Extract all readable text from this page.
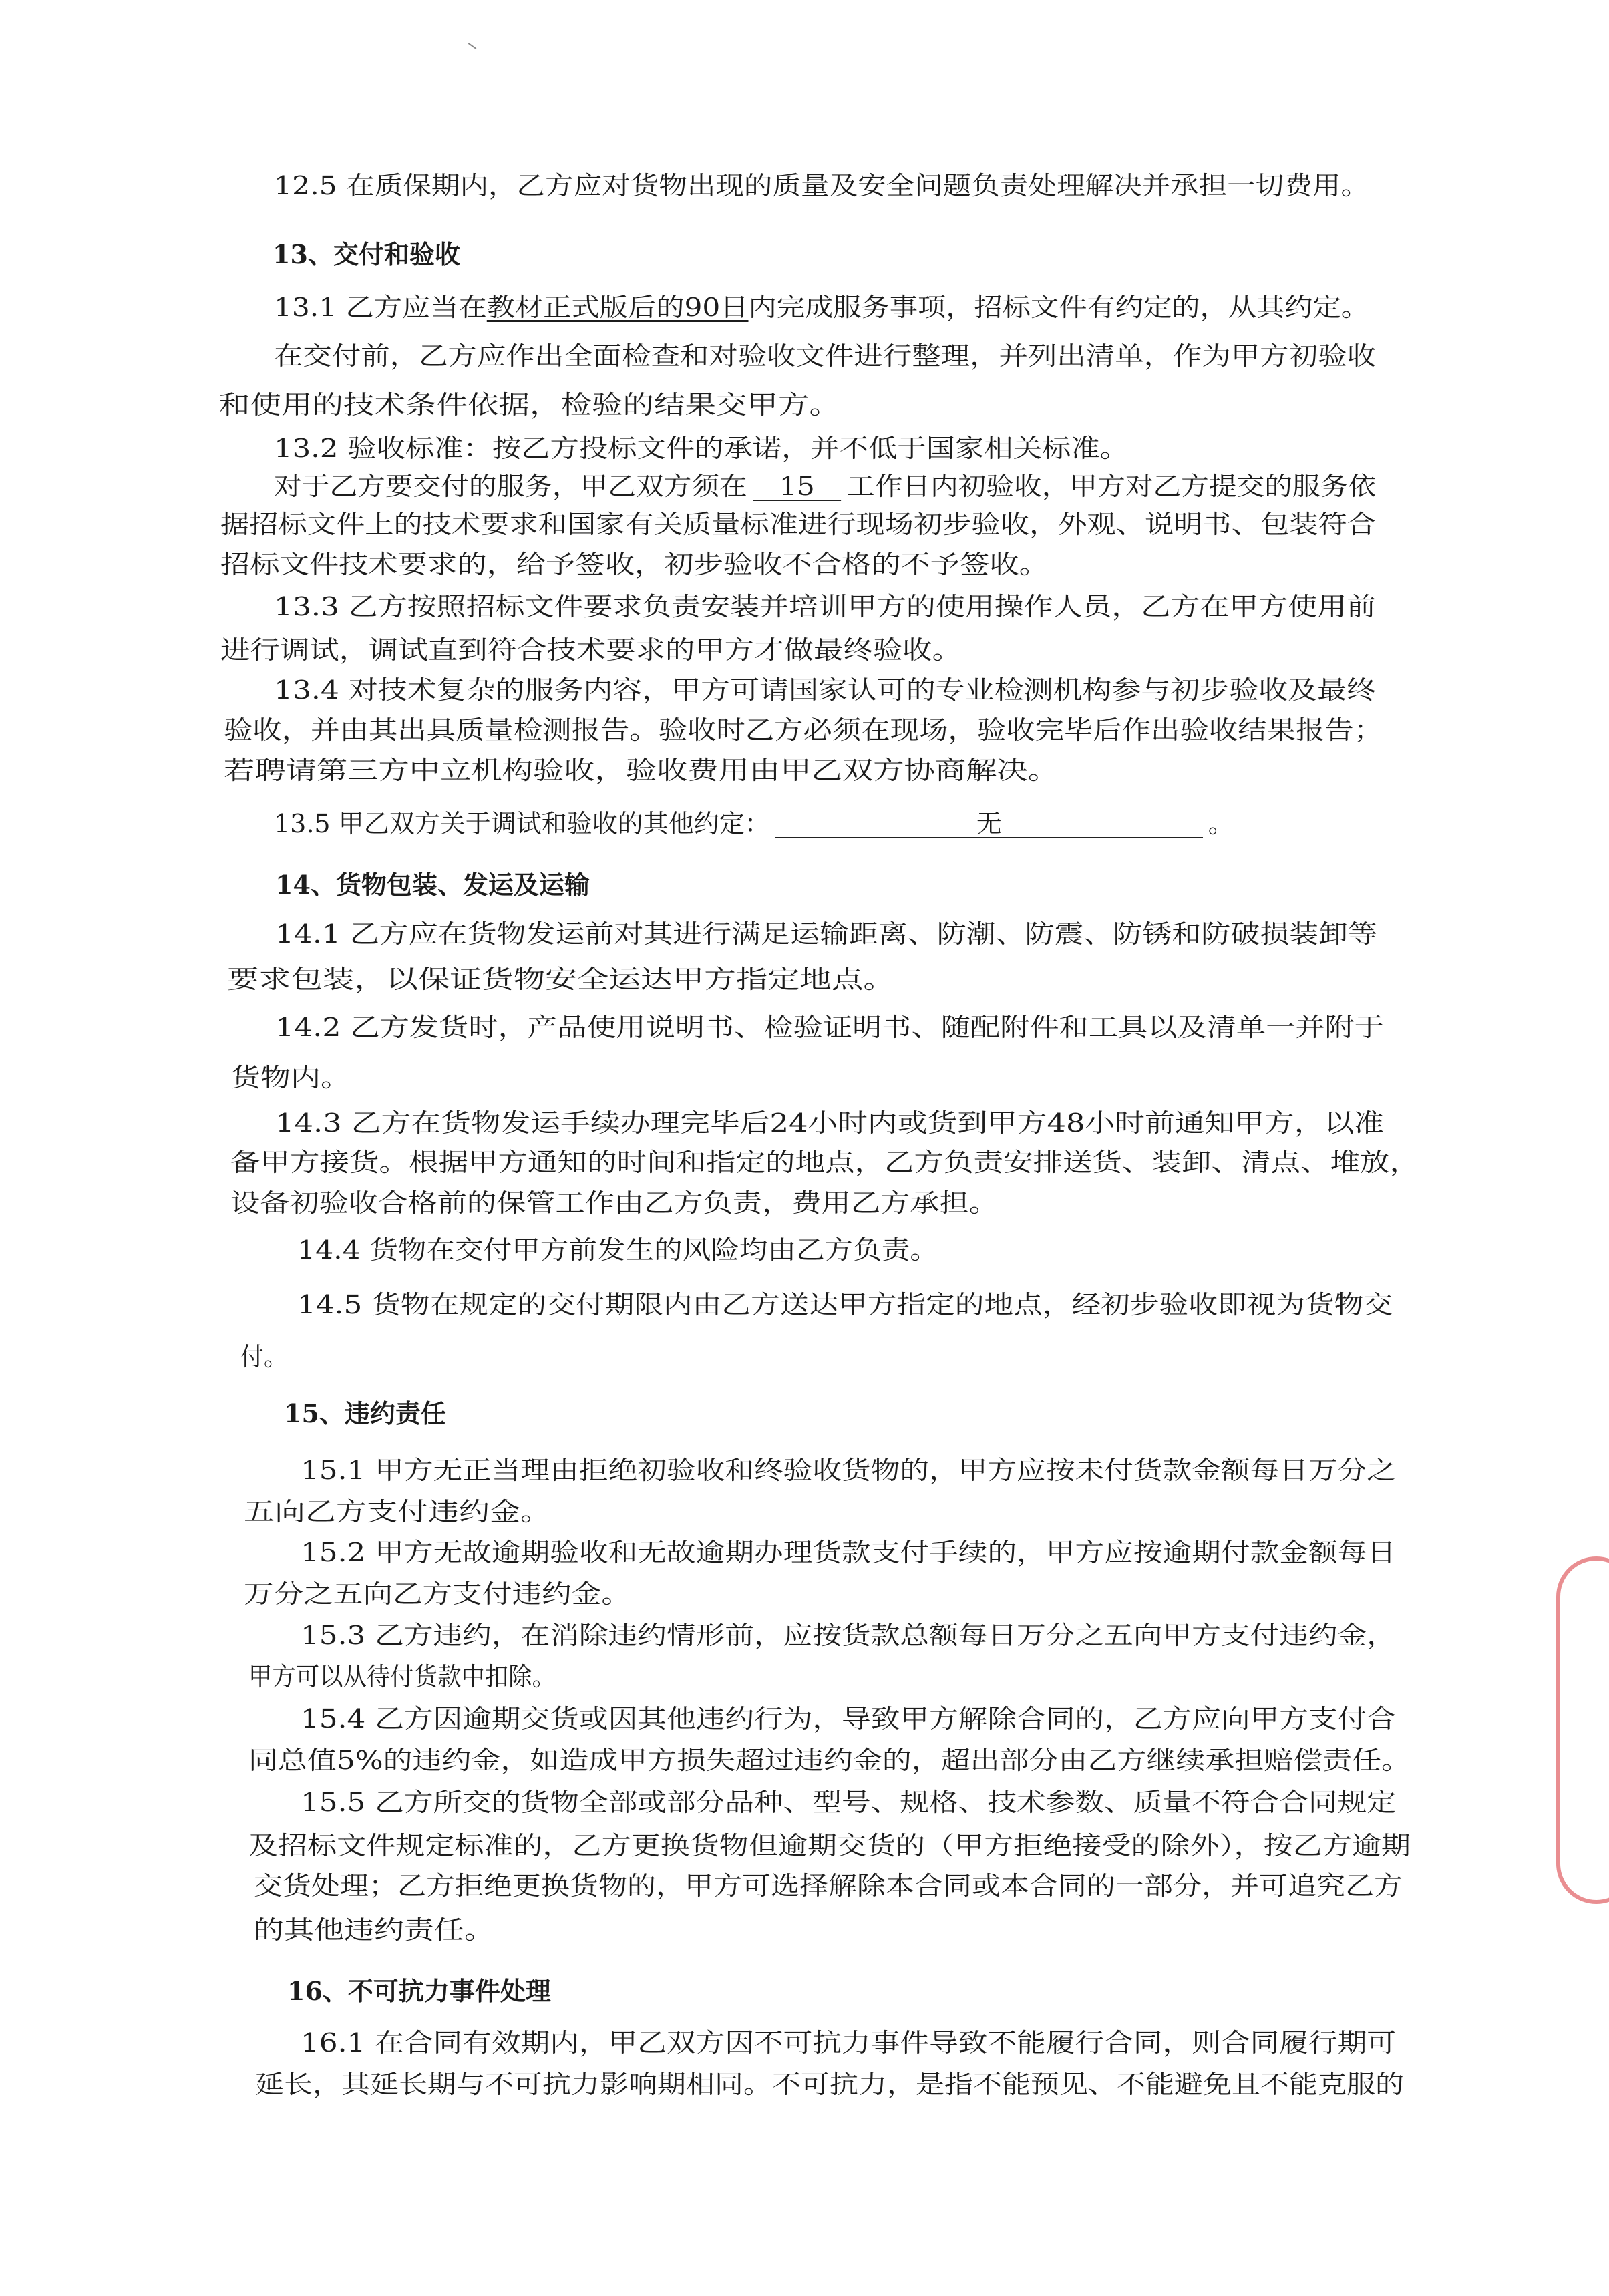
12.5 在质保期内，乙方应对货物出现的质量及安全问题负责处理解决并承担一切费用。
13、交付和验收
13.1 乙方应当在教材正式版后的90日内完成服务事项，招标文件有约定的，从其约定。
在交付前，乙方应作出全面检查和对验收文件进行整理，并列出清单，作为甲方初验收
和使用的技术条件依据，检验的结果交甲方。
13.2 验收标准：按乙方投标文件的承诺，并不低于国家相关标准。
对于乙方要交付的服务，甲乙双方须在 15 工作日内初验收，甲方对乙方提交的服务依
据招标文件上的技术要求和国家有关质量标准进行现场初步验收，外观、说明书、包装符合
招标文件技术要求的，给予签收，初步验收不合格的不予签收。
13.3 乙方按照招标文件要求负责安装并培训甲方的使用操作人员，乙方在甲方使用前
进行调试，调试直到符合技术要求的甲方才做最终验收。
13.4 对技术复杂的服务内容，甲方可请国家认可的专业检测机构参与初步验收及最终
验收，并由其出具质量检测报告。验收时乙方必须在现场，验收完毕后作出验收结果报告；
若聘请第三方中立机构验收，验收费用由甲乙双方协商解决。
13.5 甲乙双方关于调试和验收的其他约定：	无	。
14、货物包装、发运及运输
14.1 乙方应在货物发运前对其进行满足运输距离、防潮、防震、防锈和防破损装卸等
要求包装，以保证货物安全运达甲方指定地点。
14.2 乙方发货时，产品使用说明书、检验证明书、随配附件和工具以及清单一并附于
货物内。
14.3 乙方在货物发运手续办理完毕后24小时内或货到甲方48小时前通知甲方，以准
备甲方接货。根据甲方通知的时间和指定的地点，乙方负责安排送货、装卸、清点、堆放，
设备初验收合格前的保管工作由乙方负责，费用乙方承担。
14.4 货物在交付甲方前发生的风险均由乙方负责。
14.5 货物在规定的交付期限内由乙方送达甲方指定的地点，经初步验收即视为货物交
付。
15、违约责任
15.1 甲方无正当理由拒绝初验收和终验收货物的，甲方应按未付货款金额每日万分之
五向乙方支付违约金。
15.2 甲方无故逾期验收和无故逾期办理货款支付手续的，甲方应按逾期付款金额每日
万分之五向乙方支付违约金。
15.3 乙方违约，在消除违约情形前，应按货款总额每日万分之五向甲方支付违约金，
甲方可以从待付货款中扣除。
15.4 乙方因逾期交货或因其他违约行为，导致甲方解除合同的，乙方应向甲方支付合
同总值5%的违约金，如造成甲方损失超过违约金的，超出部分由乙方继续承担赔偿责任。
15.5 乙方所交的货物全部或部分品种、型号、规格、技术参数、质量不符合合同规定
及招标文件规定标准的，乙方更换货物但逾期交货的（甲方拒绝接受的除外），按乙方逾期
交货处理；乙方拒绝更换货物的，甲方可选择解除本合同或本合同的一部分，并可追究乙方
的其他违约责任。
16、不可抗力事件处理
16.1 在合同有效期内，甲乙双方因不可抗力事件导致不能履行合同，则合同履行期可
延长，其延长期与不可抗力影响期相同。不可抗力，是指不能预见、不能避免且不能克服的
